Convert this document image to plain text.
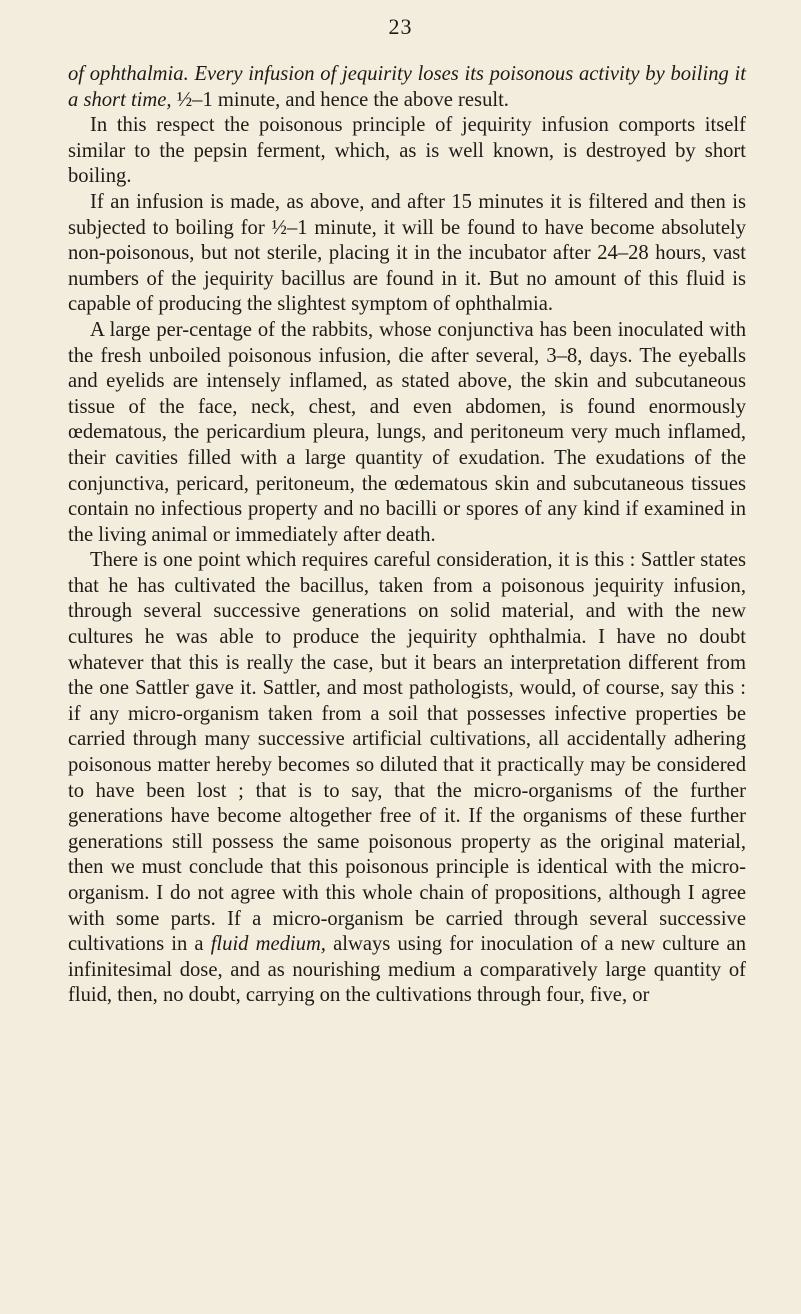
23

of ophthalmia. Every infusion of jequirity loses its poisonous activity by boiling it a short time, ½–1 minute, and hence the above result.

In this respect the poisonous principle of jequirity infusion comports itself similar to the pepsin ferment, which, as is well known, is destroyed by short boiling.

If an infusion is made, as above, and after 15 minutes it is filtered and then is subjected to boiling for ½–1 minute, it will be found to have become absolutely non-poisonous, but not sterile, placing it in the incubator after 24–28 hours, vast numbers of the jequirity bacillus are found in it. But no amount of this fluid is capable of producing the slightest symptom of ophthalmia.

A large per-centage of the rabbits, whose conjunctiva has been inoculated with the fresh unboiled poisonous infusion, die after several, 3–8, days. The eyeballs and eyelids are intensely inflamed, as stated above, the skin and subcutaneous tissue of the face, neck, chest, and even abdomen, is found enormously œdematous, the pericardium pleura, lungs, and peritoneum very much inflamed, their cavities filled with a large quantity of exudation. The exudations of the conjunctiva, pericard, peritoneum, the œdematous skin and subcutaneous tissues contain no infectious property and no bacilli or spores of any kind if examined in the living animal or immediately after death.

There is one point which requires careful consideration, it is this : Sattler states that he has cultivated the bacillus, taken from a poisonous jequirity infusion, through several successive generations on solid material, and with the new cultures he was able to produce the jequirity ophthalmia. I have no doubt whatever that this is really the case, but it bears an interpretation different from the one Sattler gave it. Sattler, and most pathologists, would, of course, say this : if any micro-organism taken from a soil that possesses infective properties be carried through many successive artificial cultivations, all accidentally adhering poisonous matter hereby becomes so diluted that it practically may be considered to have been lost ; that is to say, that the micro-organisms of the further generations have become altogether free of it. If the organisms of these further generations still possess the same poisonous property as the original material, then we must conclude that this poisonous principle is identical with the micro-organism. I do not agree with this whole chain of propositions, although I agree with some parts. If a micro-organism be carried through several successive cultivations in a fluid medium, always using for inoculation of a new culture an infinitesimal dose, and as nourishing medium a comparatively large quantity of fluid, then, no doubt, carrying on the cultivations through four, five, or
